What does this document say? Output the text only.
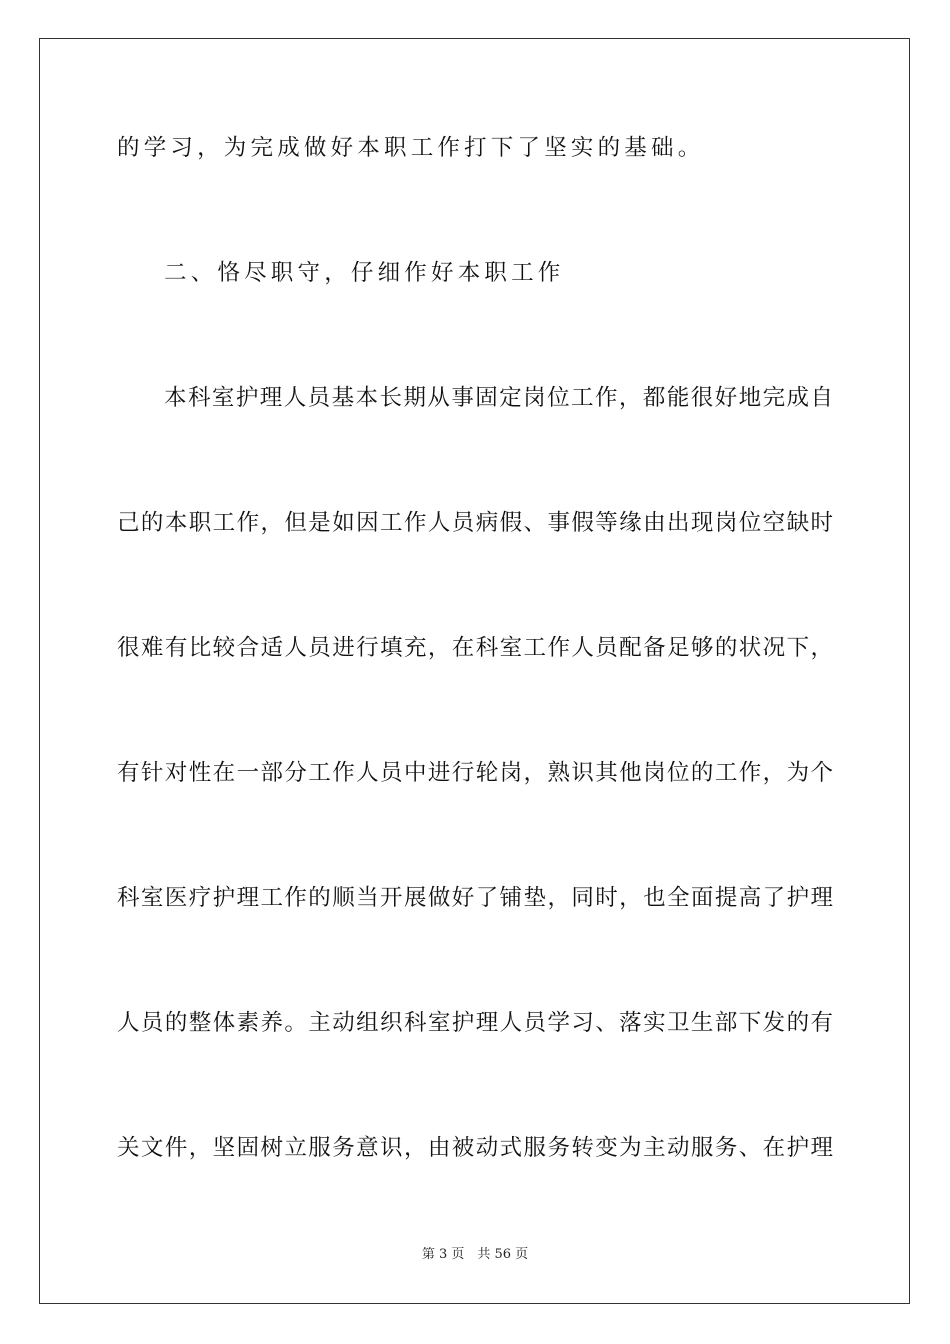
的学习，为完成做好本职工作打下了坚实的基础。
二、恪尽职守，仔细作好本职工作
本科室护理人员基本长期从事固定岗位工作，都能很好地完成自
己的本职工作，但是如因工作人员病假、事假等缘由出现岗位空缺时
很难有比较合适人员进行填充，在科室工作人员配备足够的状况下，
有针对性在一部分工作人员中进行轮岗，熟识其他岗位的工作，为个
科室医疗护理工作的顺当开展做好了铺垫，同时，也全面提高了护理
人员的整体素养。主动组织科室护理人员学习、落实卫生部下发的有
关文件，坚固树立服务意识，由被动式服务转变为主动服务、在护理
第 3 页　共 56 页
